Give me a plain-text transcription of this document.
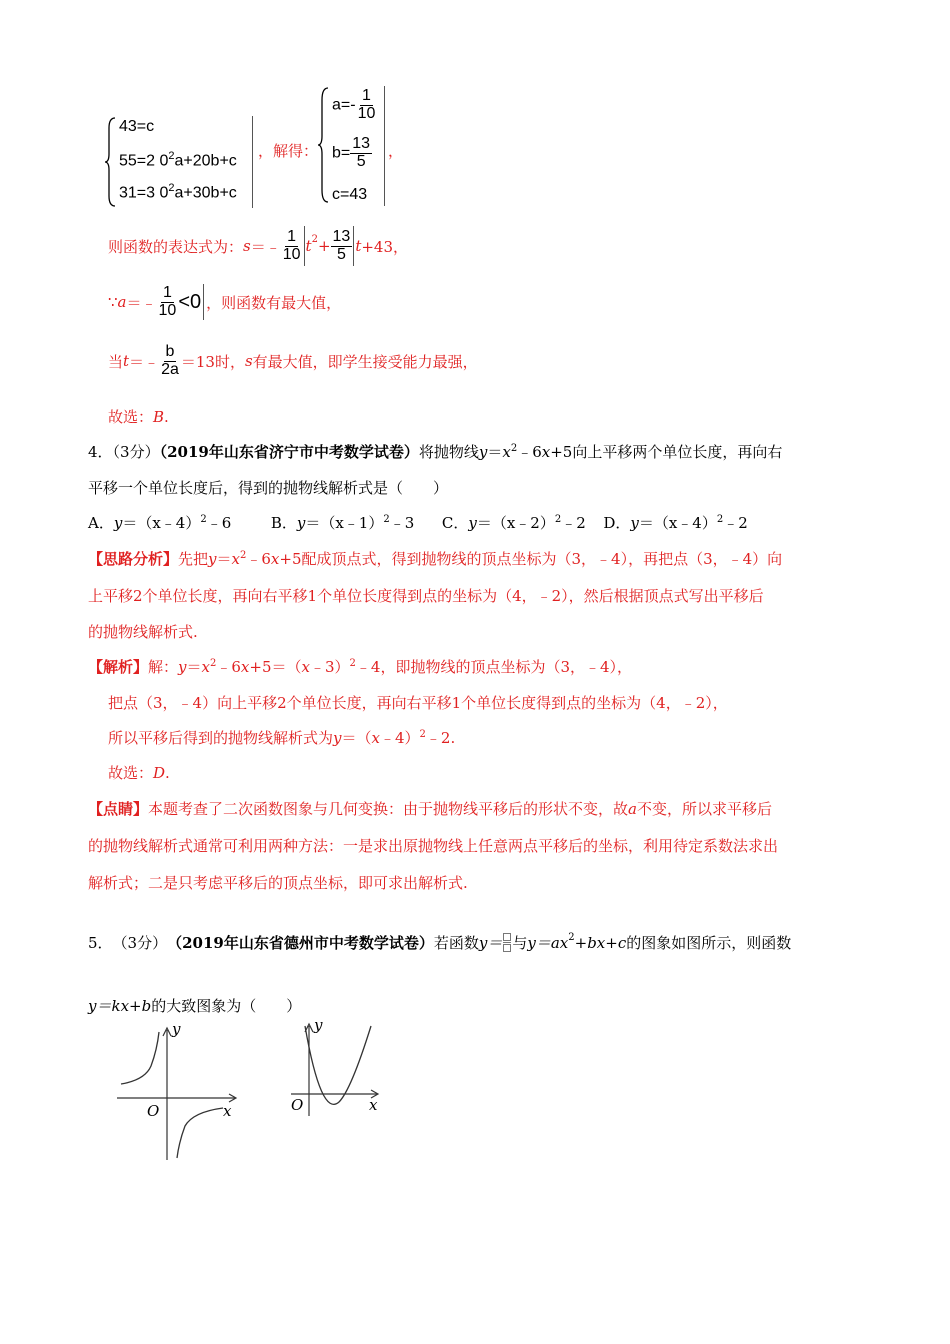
43=c
55=2 $0^2a+20b+c$
31=3 $0^2a+30b+c$
，解得：
$a=- \frac{1}{10}$
$b= \frac{13}{5}$
c=43
，
则函数的表达式为： s ＝﹣ $\frac{1}{10} t^2 + \frac{13}{5}$ t +43，
∵ a ＝﹣ $\frac{1}{10} <0$ ，则函数有最大值，
当 t ＝﹣ $\frac{b}{2a} =13$时， s 有最大值，即学生接受能力最强，
故选：B.
4．（3分）（2019年山东省济宁市中考数学试卷）将抛物线$y=x^2﹣6x+5$向上平移两个单位长度，再向右
平移一个单位长度后，得到的抛物线解析式是（　　）
A．y＝（x﹣4）$^2$﹣6	B．y＝（x﹣1）$^2$﹣3 C．y＝（x﹣2）$^2$﹣2 D．y＝（x﹣4）$^2$﹣2
【思路分析】先把$y=x^2﹣6x+5$配成顶点式，得到抛物线的顶点坐标为（3，﹣4），再把点（3，﹣4）向
上平移2个单位长度，再向右平移1个单位长度得到点的坐标为（4，﹣2），然后根据顶点式写出平移后
的抛物线解析式.
【解析】解：$y=x^2﹣6x+5=(x﹣3)^2﹣4$，即抛物线的顶点坐标为（3，﹣4），
把点（3，﹣4）向上平移2个单位长度，再向右平移1个单位长度得到点的坐标为（4，﹣2），
所以平移后得到的抛物线解析式为y＝（x﹣4）$^2$﹣2.
故选：D.
【点睛】本题考查了二次函数图象与几何变换：由于抛物线平移后的形状不变，故a不变，所以求平移后
的抛物线解析式通常可利用两种方法：一是求出原抛物线上任意两点平移后的坐标，利用待定系数法求出
解析式；二是只考虑平移后的顶点坐标，即可求出解析式.
5． （3分） （2019年山东省德州市中考数学试卷） 若函数 y＝ 与 $y=ax^2 +bx+c$ 的图象如图所示，则函数
y＝kx+b的大致图象为（　　）
y
x
O
y
x
O
